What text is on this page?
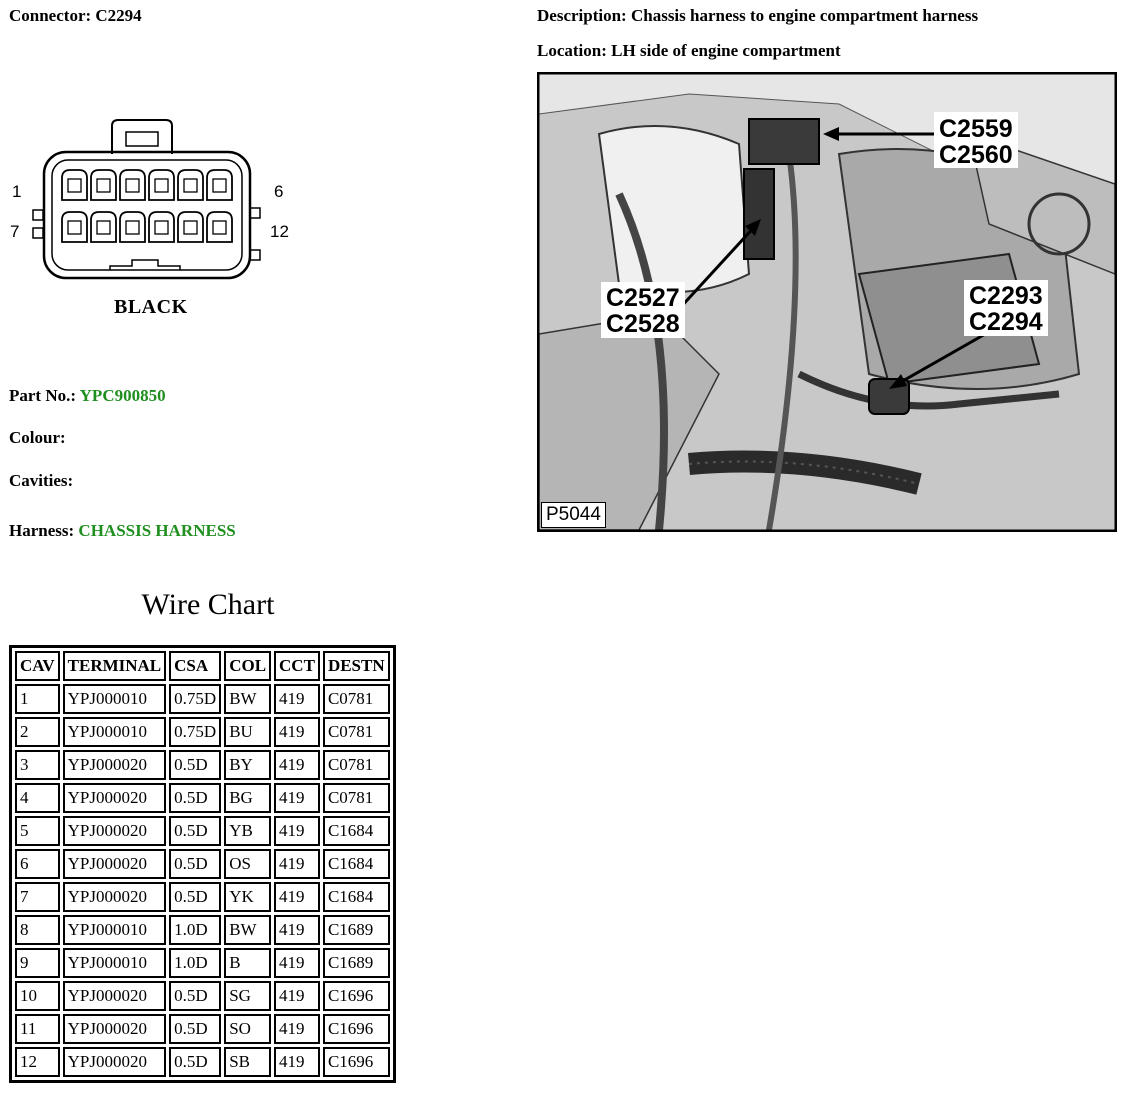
Connector: C2294	Description: Chassis harness to engine compartment harness
Location: LH side of engine compartment
1	6
7	12
BLACK
Part No.: YPC900850
Colour:
Cavities:
Harness: CHASSIS HARNESS
C2559
C2560
C2527
C2528
C2293
C2294
P5044
Wire Chart
CAV	TERMINAL	CSA	COL	CCT	DESTN
1	YPJ000010	0.75D	BW	419	C0781
2	YPJ000010	0.75D	BU	419	C0781
3	YPJ000020	0.5D	BY	419	C0781
4	YPJ000020	0.5D	BG	419	C0781
5	YPJ000020	0.5D	YB	419	C1684
6	YPJ000020	0.5D	OS	419	C1684
7	YPJ000020	0.5D	YK	419	C1684
8	YPJ000010	1.0D	BW	419	C1689
9	YPJ000010	1.0D	B	419	C1689
10	YPJ000020	0.5D	SG	419	C1696
11	YPJ000020	0.5D	SO	419	C1696
12	YPJ000020	0.5D	SB	419	C1696
